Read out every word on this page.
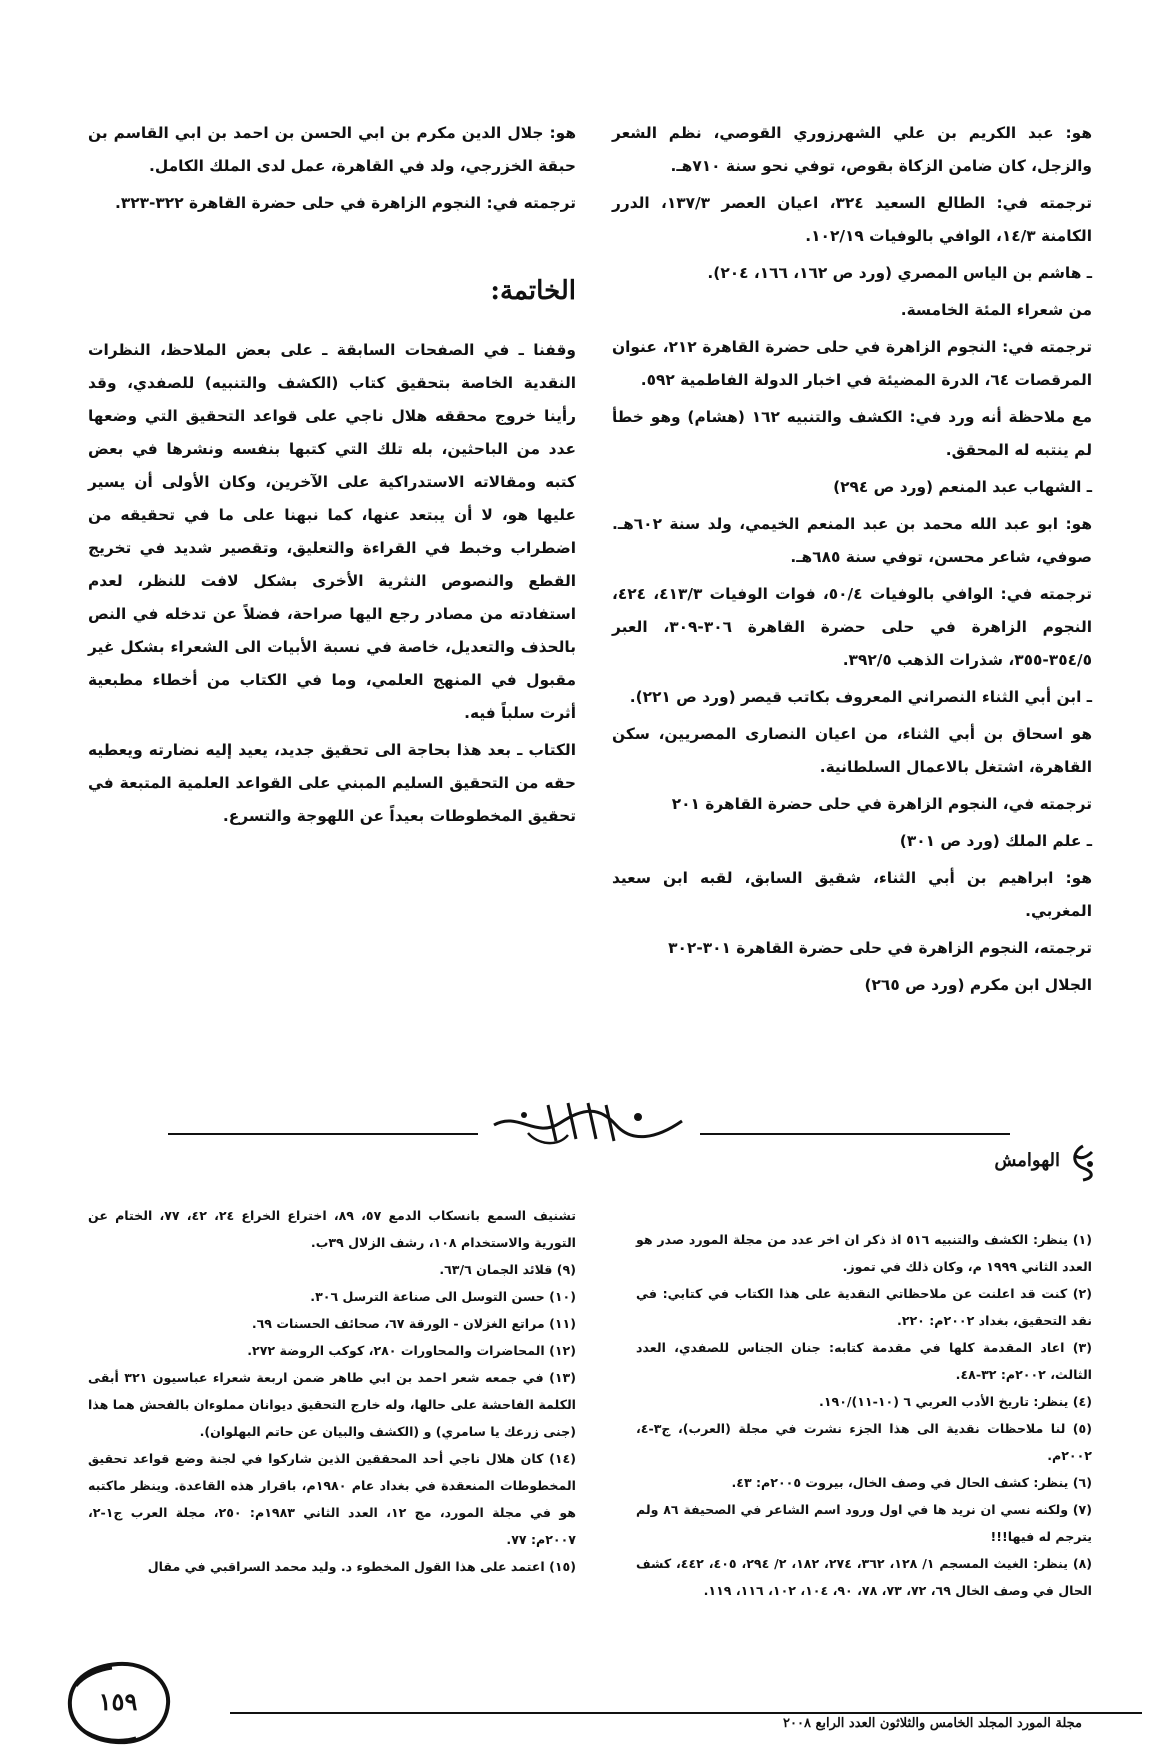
هو: عبد الكريم بن علي الشهرزوري القوصي، نظم الشعر والزجل، كان ضامن الزكاة بقوص، توفي نحو سنة ٧١٠هـ.

ترجمته في: الطالع السعيد ٣٢٤، اعيان العصر ١٣٧/٣، الدرر الكامنة ١٤/٣، الوافي بالوفيات ١٠٢/١٩.

ـ هاشم بن الياس المصري (ورد ص ١٦٢، ١٦٦، ٢٠٤).

من شعراء المئة الخامسة.

ترجمته في: النجوم الزاهرة في حلى حضرة القاهرة ٢١٢، عنوان المرقصات ٦٤، الدرة المضيئة في اخبار الدولة الفاطمية ٥٩٢.

مع ملاحظة أنه ورد في: الكشف والتنبيه ١٦٢ (هشام) وهو خطأ لم ينتبه له المحقق.

ـ الشهاب عبد المنعم (ورد ص ٢٩٤)

هو: ابو عبد الله محمد بن عبد المنعم الخيمي، ولد سنة ٦٠٢هـ. صوفي، شاعر محسن، توفي سنة ٦٨٥هـ.

ترجمته في: الوافي بالوفيات ٥٠/٤، فوات الوفيات ٤١٣/٣، ٤٢٤، النجوم الزاهرة في حلى حضرة القاهرة ٣٠٦-٣٠٩، العبر ٣٥٤/٥-٣٥٥، شذرات الذهب ٣٩٢/٥.

ـ ابن أبي الثناء النصراني المعروف بكاتب قيصر (ورد ص ٢٢١).

هو اسحاق بن أبي الثناء، من اعيان النصارى المصريين، سكن القاهرة، اشتغل بالاعمال السلطانية.

ترجمته في، النجوم الزاهرة في حلى حضرة القاهرة ٢٠١

ـ علم الملك (ورد ص ٣٠١)

هو: ابراهيم بن أبي الثناء، شقيق السابق، لقبه ابن سعيد المغربي.

ترجمته، النجوم الزاهرة في حلى حضرة القاهرة ٣٠١-٣٠٢

الجلال ابن مكرم (ورد ص ٢٦٥)

هو: جلال الدين مكرم بن ابي الحسن بن احمد بن ابي القاسم بن حبقة الخزرجي، ولد في القاهرة، عمل لدى الملك الكامل.

ترجمته في: النجوم الزاهرة في حلى حضرة القاهرة ٣٢٢-٣٢٣.

الخاتمة:

وقفنا ـ في الصفحات السابقة ـ على بعض الملاحظ، النظرات النقدية الخاصة بتحقيق كتاب (الكشف والتنبيه) للصفدي، وقد رأينا خروج محققه هلال ناجي على قواعد التحقيق التي وضعها عدد من الباحثين، بله تلك التي كتبها بنفسه ونشرها في بعض كتبه ومقالاته الاستدراكية على الآخرين، وكان الأولى أن يسير عليها هو، لا أن يبتعد عنها، كما نبهنا على ما في تحقيقه من اضطراب وخبط في القراءة والتعليق، وتقصير شديد في تخريج القطع والنصوص النثرية الأخرى بشكل لافت للنظر، لعدم استفادته من مصادر رجع اليها صراحة، فضلاً عن تدخله في النص بالحذف والتعديل، خاصة في نسبة الأبيات الى الشعراء بشكل غير مقبول في المنهج العلمي، وما في الكتاب من أخطاء مطبعية أثرت سلباً فيه.

الكتاب ـ بعد هذا بحاجة الى تحقيق جديد، يعيد إليه نضارته ويعطيه حقه من التحقيق السليم المبني على القواعد العلمية المتبعة في تحقيق المخطوطات بعيداً عن اللهوجة والتسرع.

الهوامش

(١) ينظر: الكشف والتنبيه ٥١٦ اذ ذكر ان اخر عدد من مجلة المورد صدر هو العدد الثاني ١٩٩٩ م، وكان ذلك في تموز.

(٢) كنت قد اعلنت عن ملاحظاتي النقدية على هذا الكتاب في كتابي: في نقد التحقيق، بغداد ٢٠٠٢م: ٢٢٠.

(٣) اعاد المقدمة كلها في مقدمة كتابه: جنان الجناس للصفدي، العدد الثالث، ٢٠٠٢م: ٣٢-٤٨.

(٤) ينظر: تاريخ الأدب العربي ٦ (١٠-١١)/١٩٠.

(٥) لنا ملاحظات نقدية الى هذا الجزء نشرت في مجلة (العرب)، ج٣-٤، ٢٠٠٢م.

(٦) ينظر: كشف الحال في وصف الخال، بيروت ٢٠٠٥م: ٤٣.

(٧) ولكنه نسي ان نريد ها في اول ورود اسم الشاعر في الصحيفة ٨٦ ولم يترجم له فيها!!!

(٨) ينظر: الغيث المسجم ١/ ١٢٨، ٣٦٢، ٢٧٤، ١٨٢، ٢/ ٢٩٤، ٤٠٥، ٤٤٢، كشف الحال في وصف الخال ٦٩، ٧٢، ٧٣، ٧٨، ٩٠، ١٠٤، ١٠٢، ١١٦، ١١٩.

تشنيف السمع بانسكاب الدمع ٥٧، ٨٩، اختراع الخراع ٢٤، ٤٢، ٧٧، الختام عن التورية والاستخدام ١٠٨، رشف الزلال ٣٩ب.

(٩) قلائد الجمان ٦٣/٦.

(١٠) حسن التوسل الى صناعة الترسل ٣٠٦.

(١١) مراتع الغزلان - الورقة ٦٧، صحائف الحسنات ٦٩.

(١٢) المحاضرات والمحاورات ٢٨٠، كوكب الروضة ٢٧٢.

(١٣) في جمعه شعر احمد بن ابي طاهر ضمن اربعة شعراء عباسيون ٣٢١ أبقى الكلمة الفاحشة على حالها، وله خارج التحقيق ديوانان مملوءان بالفحش هما هذا (جنى زرعك يا سامري) و (الكشف والبيان عن حاتم البهلوان).

(١٤) كان هلال ناجي أحد المحققين الذين شاركوا في لجنة وضع قواعد تحقيق المخطوطات المنعقدة في بغداد عام ١٩٨٠م، باقرار هذه القاعدة. وينظر ماكتبه هو في مجلة المورد، مج ١٢، العدد الثاني ١٩٨٣م: ٢٥٠، مجلة العرب ج١-٢، ٢٠٠٧م: ٧٧.

(١٥) اعتمد على هذا القول المخطوء د. وليد محمد السراقبي في مقال

مجلة المورد المجلد الخامس والثلاثون العدد الرابع ٢٠٠٨
١٥٩
